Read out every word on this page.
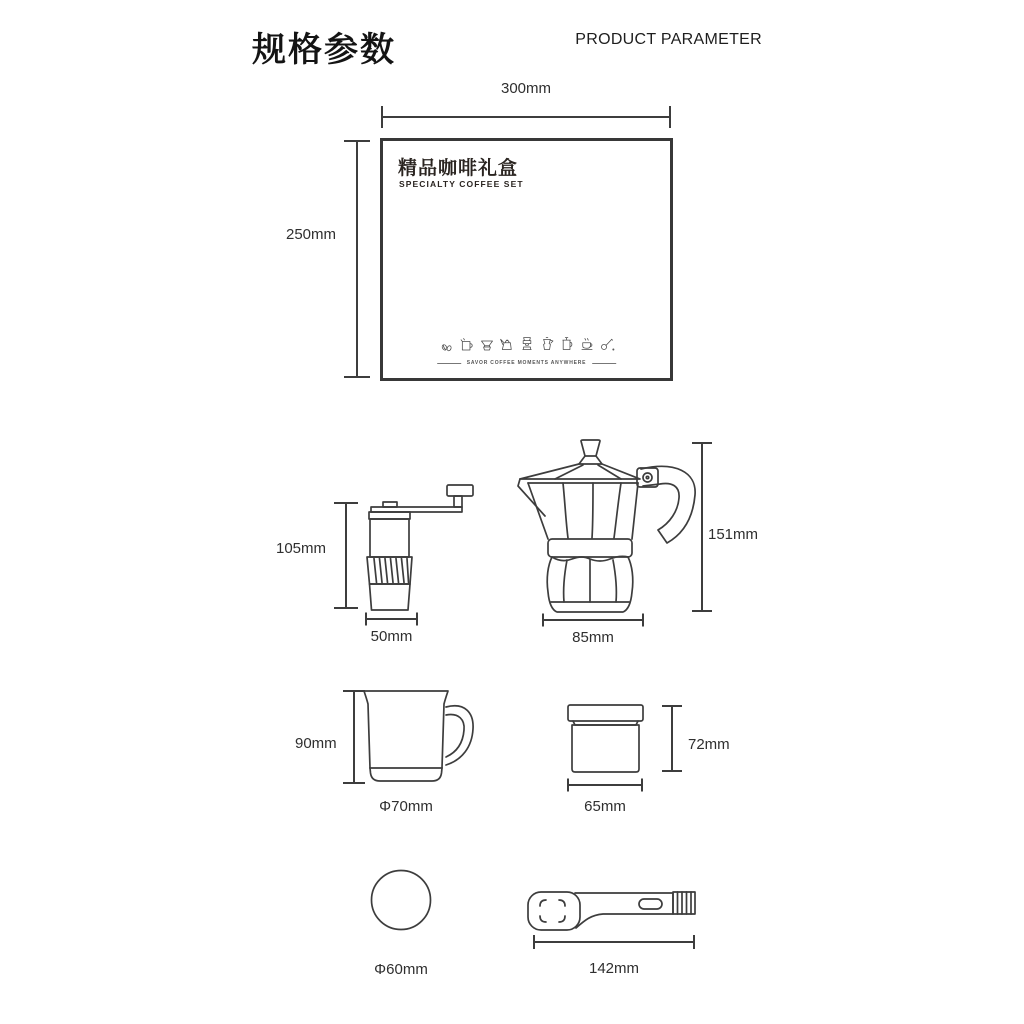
规格参数	PRODUCT PARAMETER
300mm
250mm
精品咖啡礼盒
SPECIALTY COFFEE SET
SAVOR COFFEE MOMENTS ANYWHERE
105mm
50mm
151mm
85mm
90mm
Φ70mm
72mm
65mm
Φ60mm	142mm
